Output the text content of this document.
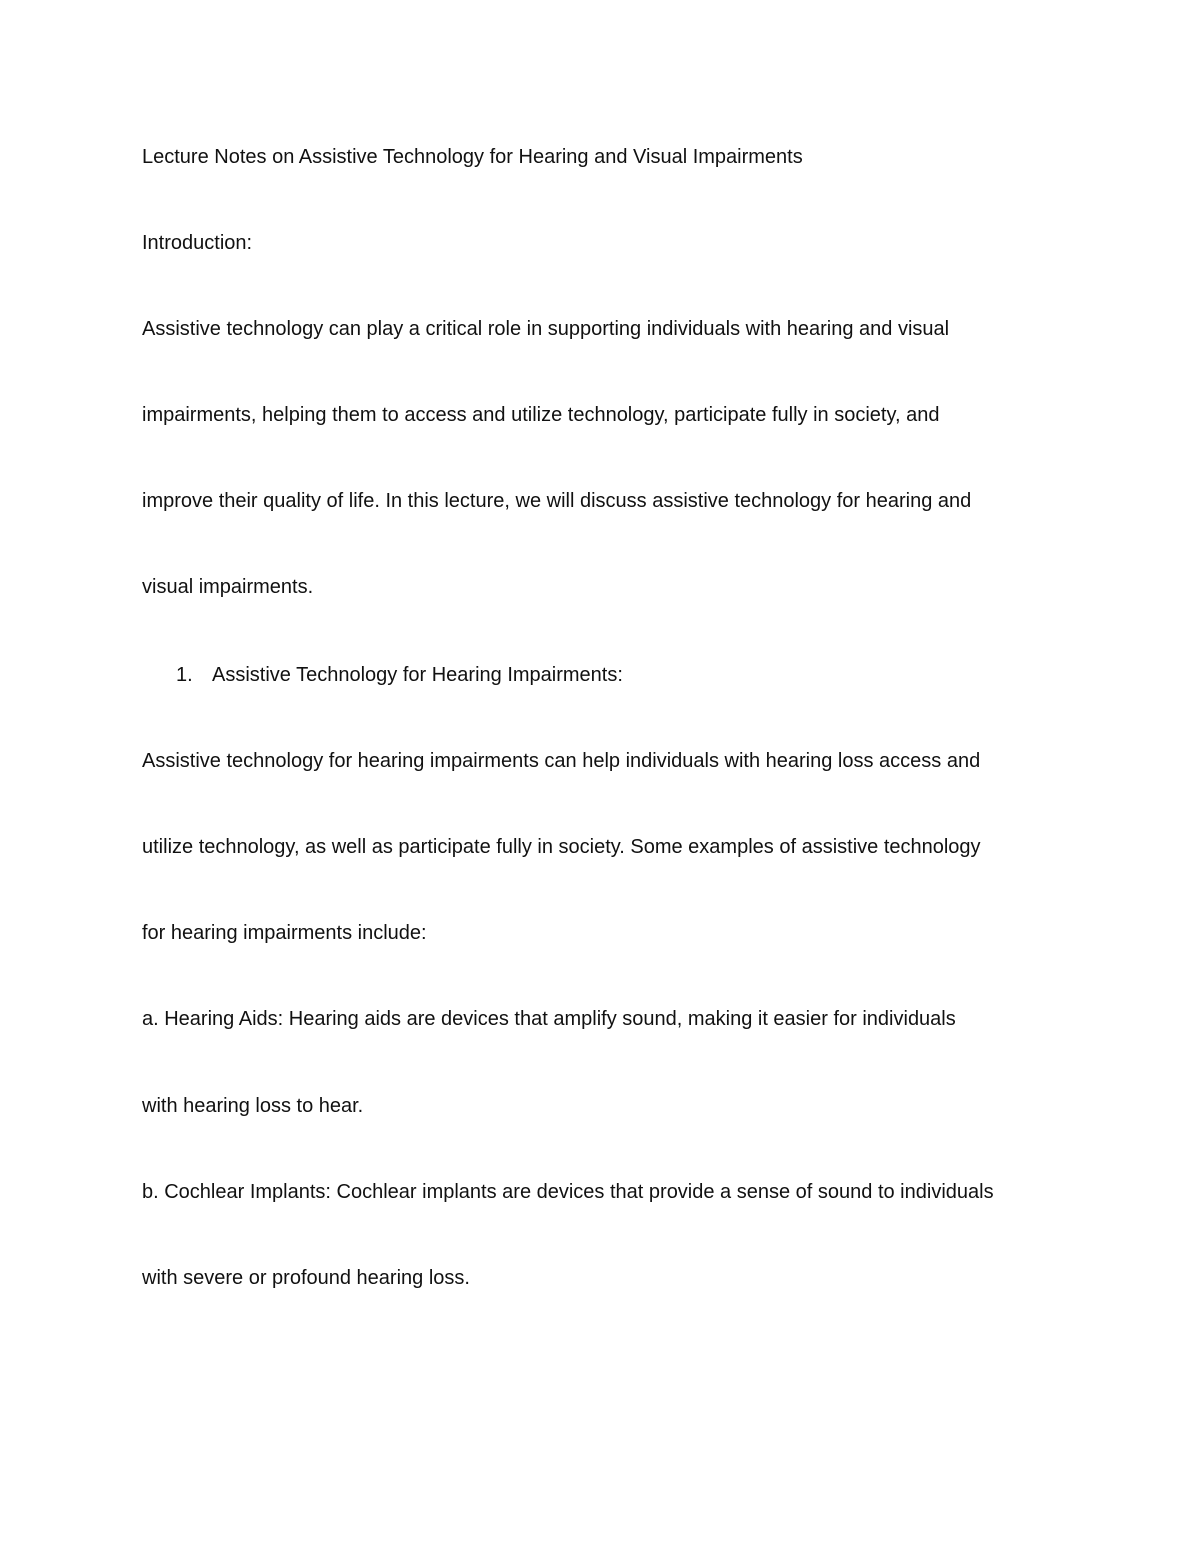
Lecture Notes on Assistive Technology for Hearing and Visual Impairments
Introduction:
Assistive technology can play a critical role in supporting individuals with hearing and visual
impairments, helping them to access and utilize technology, participate fully in society, and
improve their quality of life. In this lecture, we will discuss assistive technology for hearing and
visual impairments.
1. Assistive Technology for Hearing Impairments:
Assistive technology for hearing impairments can help individuals with hearing loss access and
utilize technology, as well as participate fully in society. Some examples of assistive technology
for hearing impairments include:
a. Hearing Aids: Hearing aids are devices that amplify sound, making it easier for individuals
with hearing loss to hear.
b. Cochlear Implants: Cochlear implants are devices that provide a sense of sound to individuals
with severe or profound hearing loss.
